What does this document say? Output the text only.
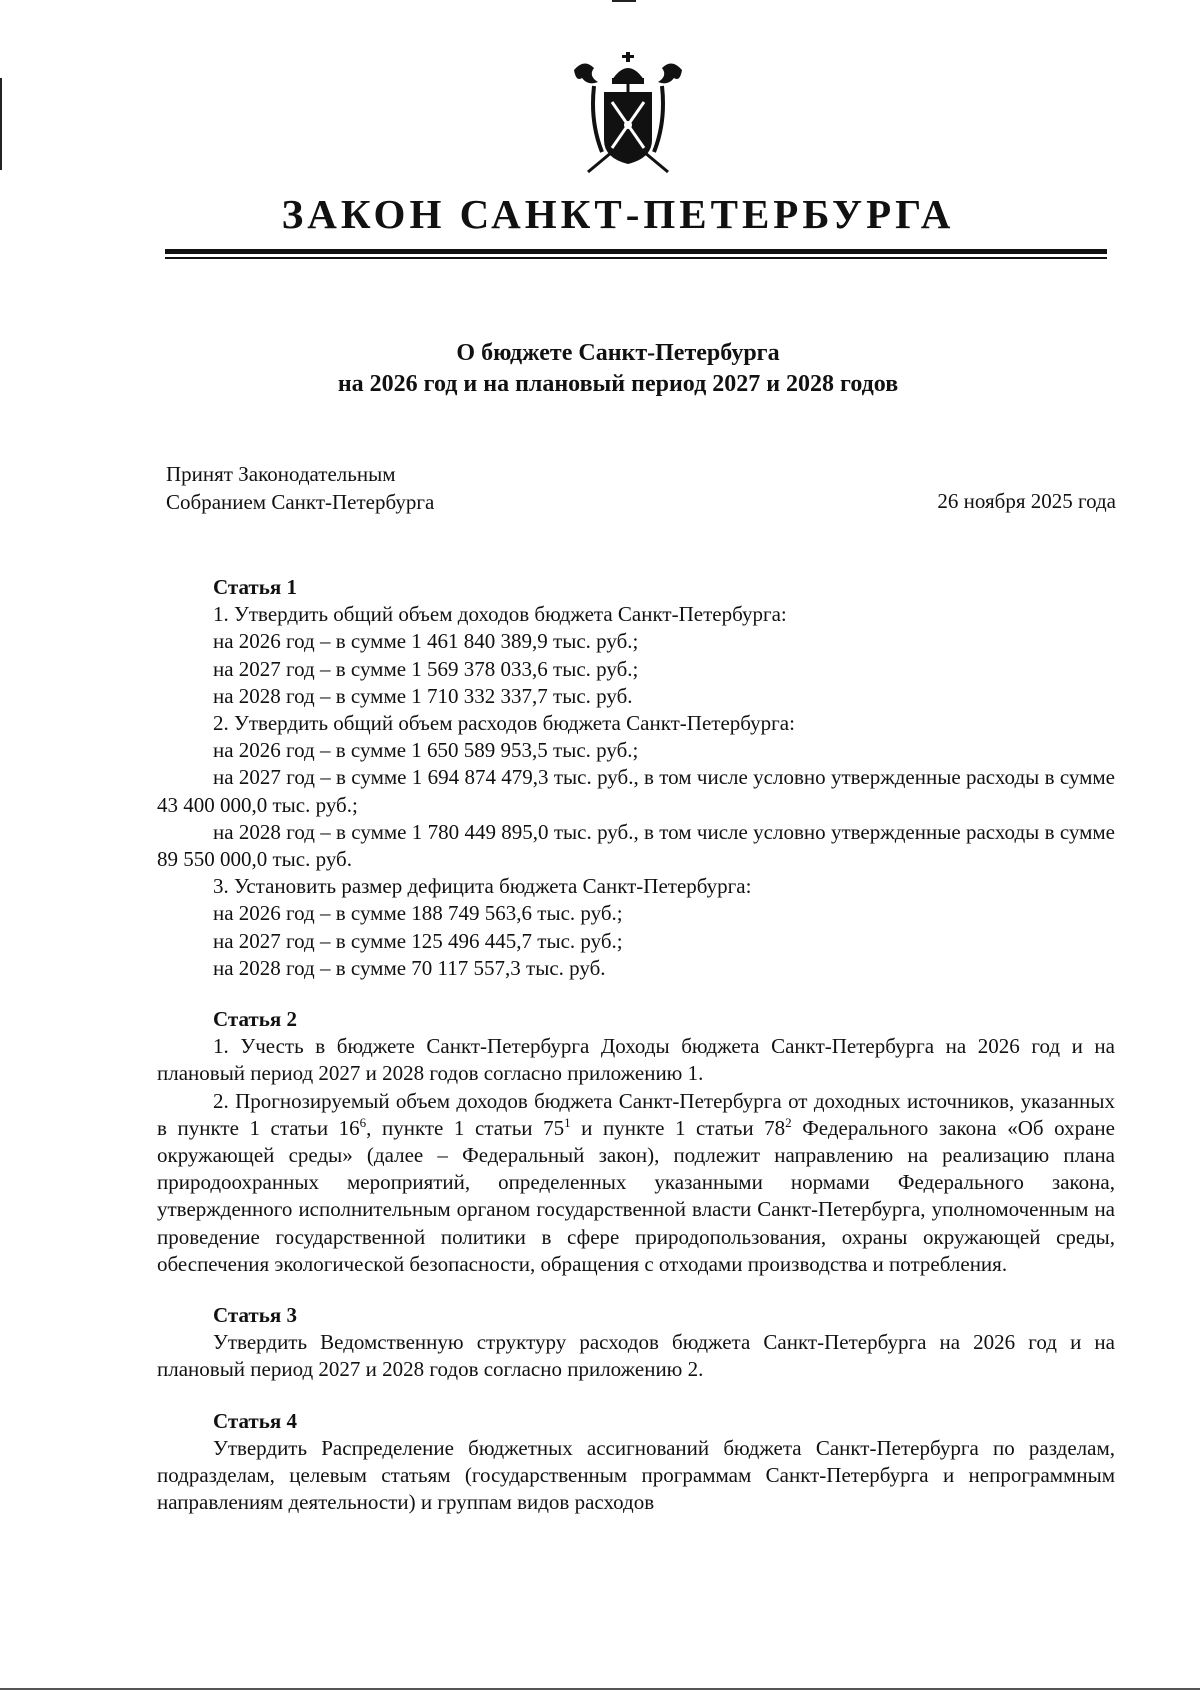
ЗАКОН САНКТ-ПЕТЕРБУРГА
О бюджете Санкт-Петербурга
на 2026 год и на плановый период 2027 и 2028 годов
Принят Законодательным
Собранием Санкт-Петербурга	26 ноября 2025 года
Статья 1
1. Утвердить общий объем доходов бюджета Санкт-Петербурга:
на 2026 год – в сумме 1 461 840 389,9 тыс. руб.;
на 2027 год – в сумме 1 569 378 033,6 тыс. руб.;
на 2028 год – в сумме 1 710 332 337,7 тыс. руб.
2. Утвердить общий объем расходов бюджета Санкт-Петербурга:
на 2026 год – в сумме 1 650 589 953,5 тыс. руб.;
на 2027 год – в сумме 1 694 874 479,3 тыс. руб., в том числе условно утвержденные расходы в сумме 43 400 000,0 тыс. руб.;
на 2028 год – в сумме 1 780 449 895,0 тыс. руб., в том числе условно утвержденные расходы в сумме 89 550 000,0 тыс. руб.
3. Установить размер дефицита бюджета Санкт-Петербурга:
на 2026 год – в сумме 188 749 563,6 тыс. руб.;
на 2027 год – в сумме 125 496 445,7 тыс. руб.;
на 2028 год – в сумме 70 117 557,3 тыс. руб.
Статья 2
1. Учесть в бюджете Санкт-Петербурга Доходы бюджета Санкт-Петербурга на 2026 год и на плановый период 2027 и 2028 годов согласно приложению 1.
2. Прогнозируемый объем доходов бюджета Санкт-Петербурга от доходных источников, указанных в пункте 1 статьи $16^6$, пункте 1 статьи $75^1$ и пункте 1 статьи $78^2$ Федерального закона «Об охране окружающей среды» (далее – Федеральный закон), подлежит направлению на реализацию плана природоохранных мероприятий, определенных указанными нормами Федерального закона, утвержденного исполнительным органом государственной власти Санкт-Петербурга, уполномоченным на проведение государственной политики в сфере природопользования, охраны окружающей среды, обеспечения экологической безопасности, обращения с отходами производства и потребления.
Статья 3
Утвердить Ведомственную структуру расходов бюджета Санкт-Петербурга на 2026 год и на плановый период 2027 и 2028 годов согласно приложению 2.
Статья 4
Утвердить Распределение бюджетных ассигнований бюджета Санкт-Петербурга по разделам, подразделам, целевым статьям (государственным программам Санкт-Петербурга и непрограммным направлениям деятельности) и группам видов расходов
